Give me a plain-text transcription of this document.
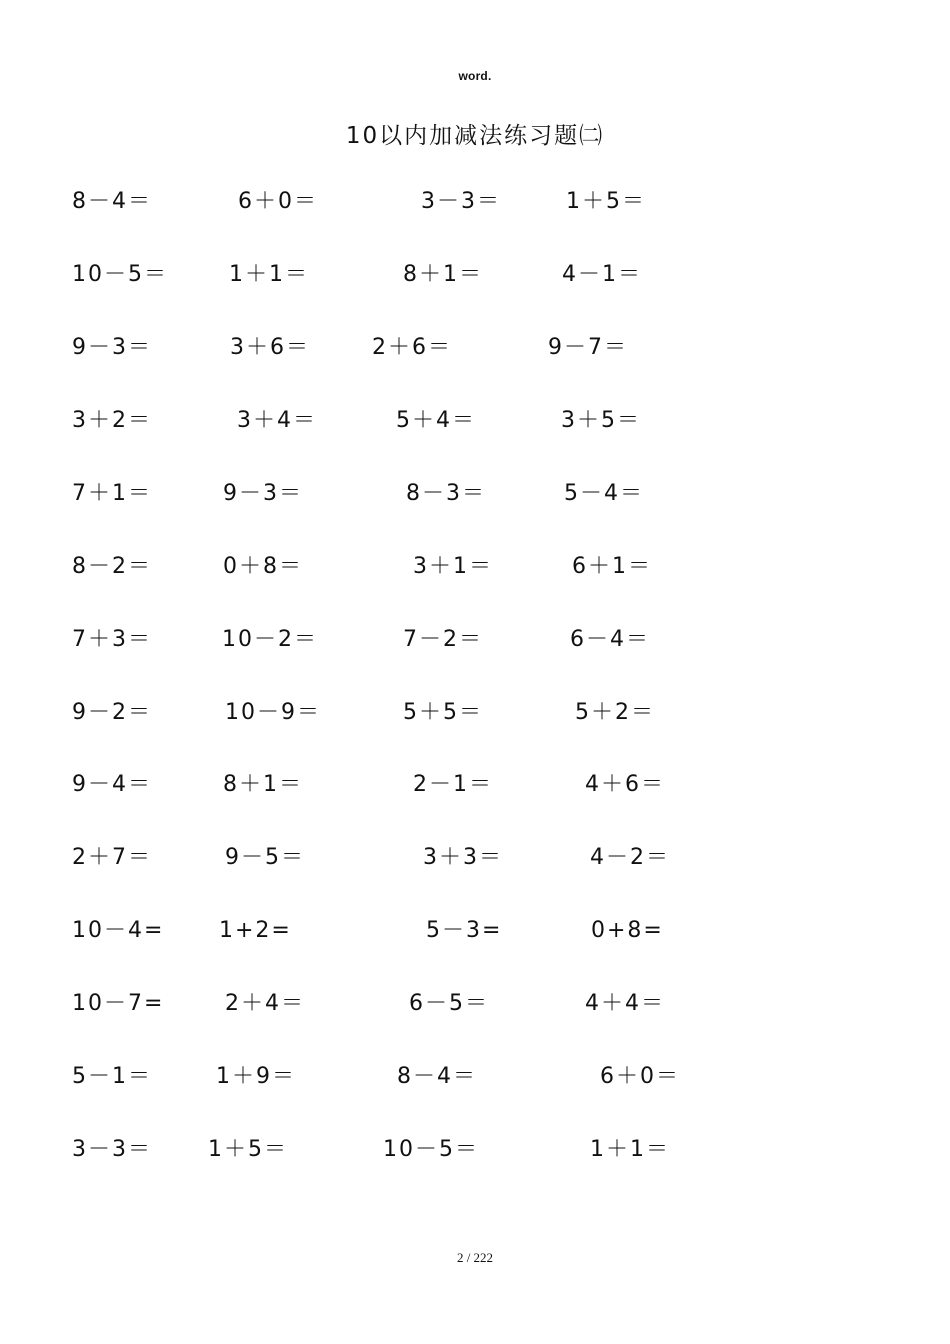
word.
10以内加减法练习题㈡
8－4＝	6＋0＝	3－3＝	1＋5＝
10－5＝	1＋1＝	8＋1＝	4－1＝
9－3＝	3＋6＝	2＋6＝	9－7＝
3＋2＝	3＋4＝	5＋4＝	3＋5＝
7＋1＝	9－3＝	8－3＝	5－4＝
8－2＝	0＋8＝	3＋1＝	6＋1＝
7＋3＝	10－2＝	7－2＝	6－4＝
9－2＝	10－9＝	5＋5＝	5＋2＝
9－4＝	8＋1＝	2－1＝	4＋6＝
2＋7＝	9－5＝	3＋3＝	4－2＝
10－4= 1+2=	5－3=	0+8=
10－7=	2＋4＝	6－5＝	4＋4＝
5－1＝	1＋9＝	8－4＝	6＋0＝
3－3＝	1＋5＝	10－5＝	1＋1＝
2 / 222
